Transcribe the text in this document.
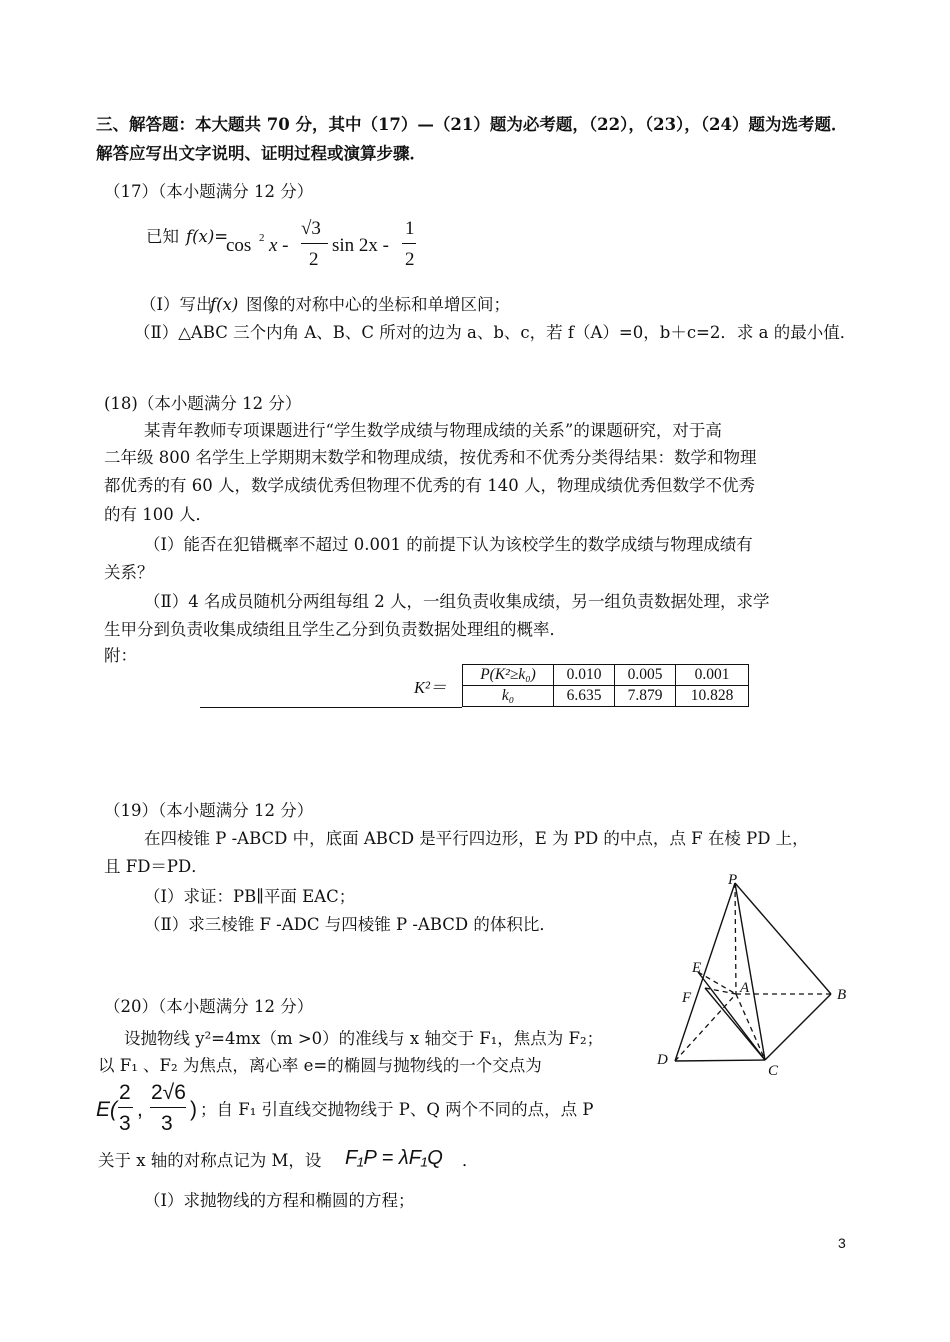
三、解答题：本大题共 70 分，其中（17）—（21）题为必考题，（22），（23），（24）题为选考题．
解答应写出文字说明、证明过程或演算步骤．
（17）（本小题满分 12 分）
已知 f(x)=
cos 2 x -
√3
2
sin 2x -
1
2
（Ⅰ）写出
f(x) 图像的对称中心的坐标和单增区间；
（Ⅱ）△ABC 三个内角 A、B、C 所对的边为 a、b、c，若 f（A）=0，b＋c=2．求 a 的最小值．
(18)（本小题满分 12 分）
某青年教师专项课题进行“学生数学成绩与物理成绩的关系”的课题研究，对于高
二年级 800 名学生上学期期末数学和物理成绩，按优秀和不优秀分类得结果：数学和物理
都优秀的有 60 人，数学成绩优秀但物理不优秀的有 140 人，物理成绩优秀但数学不优秀
的有 100 人．
（Ⅰ）能否在犯错概率不超过 0.001 的前提下认为该校学生的数学成绩与物理成绩有
关系？
（Ⅱ）4 名成员随机分两组每组 2 人，一组负责收集成绩，另一组负责数据处理，求学
生甲分到负责收集成绩组且学生乙分到负责数据处理组的概率．
附：
K²＝
P(K²≥k₀)	0.010	0.005	0.001
k₀	6.635	7.879	10.828
（19）（本小题满分 12 分）
在四棱锥 P -ABCD 中，底面 ABCD 是平行四边形，E 为 PD 的中点，点 F 在棱 PD 上，
且 FD＝PD．
（Ⅰ）求证：PB∥平面 EAC；
（Ⅱ）求三棱锥 F -ADC 与四棱锥 P -ABCD 的体积比．
P
E
A
F	B
D
C
（20）（本小题满分 12 分）
设抛物线 y²=4mx（m >0）的准线与 x 轴交于 F₁，焦点为 F₂；
以 F₁ 、F₂ 为焦点，离心率 e=的椭圆与抛物线的一个交点为
E(
2
3
,
2√6
3
) ；自 F₁ 引直线交抛物线于 P、Q 两个不同的点，点 P
关于 x 轴的对称点记为 M，设 F₁P = λF₁Q ．
（Ⅰ）求抛物线的方程和椭圆的方程；
3
